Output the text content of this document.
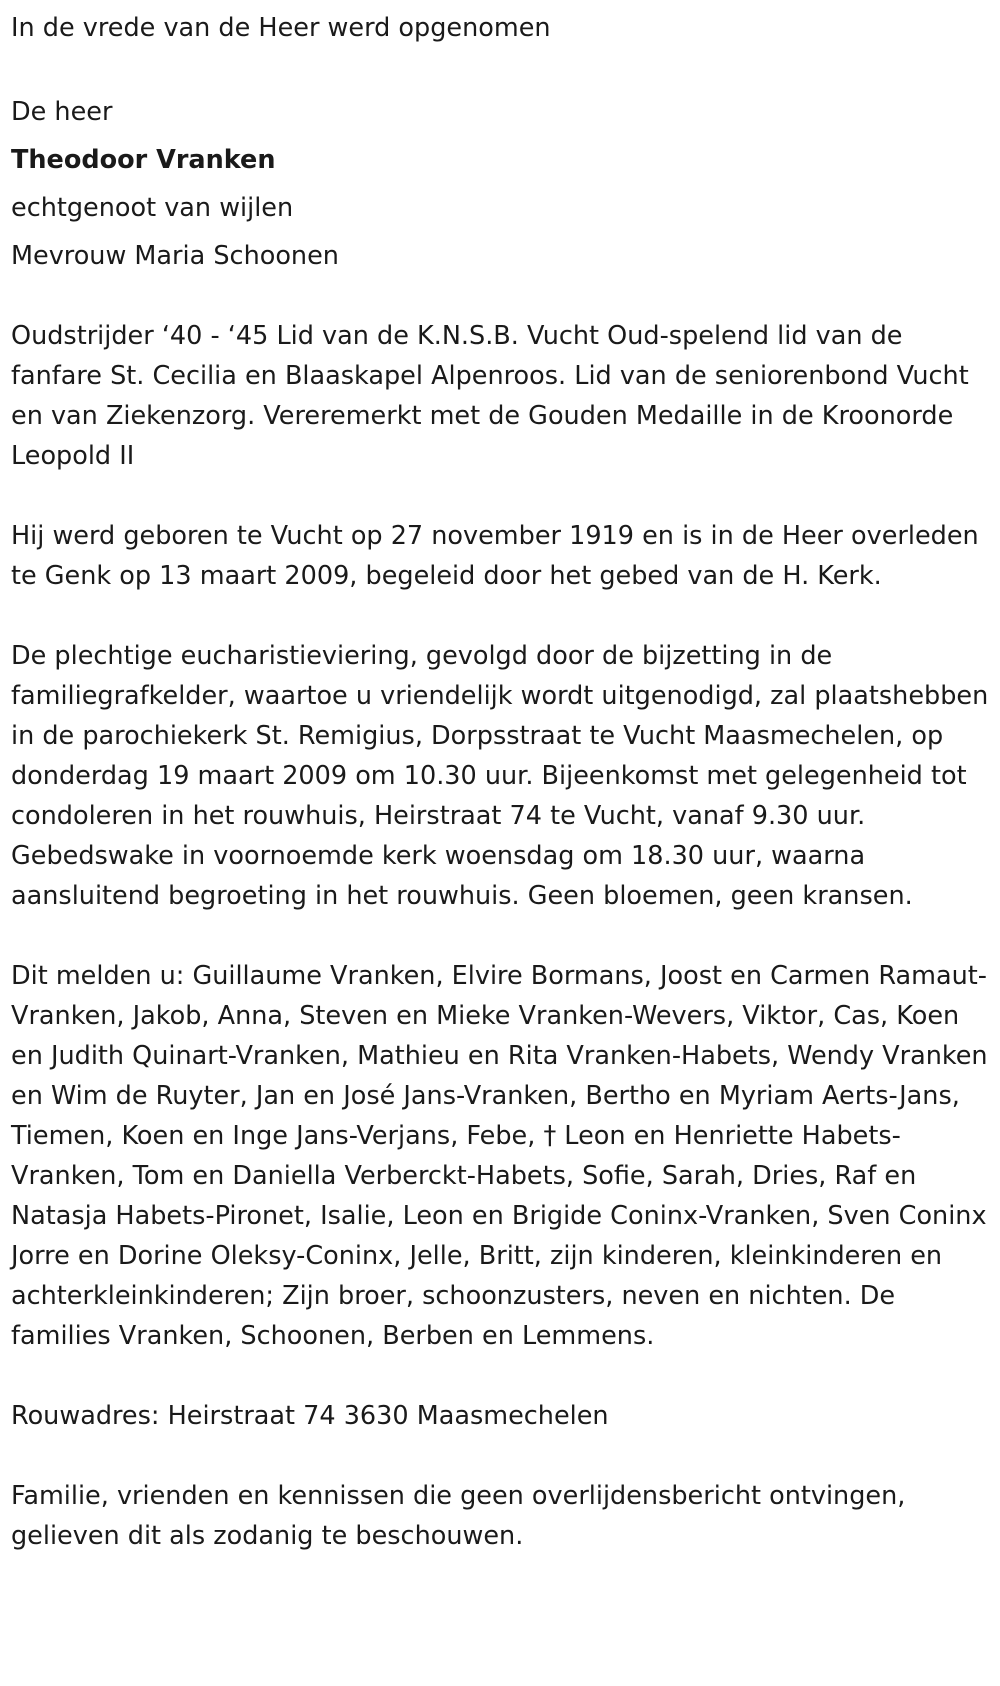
In de vrede van de Heer werd opgenomen

De heer

Theodoor Vranken

echtgenoot van wijlen

Mevrouw Maria Schoonen

Oudstrijder ‘40 - ‘45 Lid van de K.N.S.B. Vucht Oud-spelend lid van de fanfare St. Cecilia en Blaaskapel Alpenroos. Lid van de seniorenbond Vucht en van Ziekenzorg. Vereremerkt met de Gouden Medaille in de Kroonorde Leopold II

Hij werd geboren te Vucht op 27 november 1919 en is in de Heer overleden te Genk op 13 maart 2009, begeleid door het gebed van de H. Kerk.

De plechtige eucharistieviering, gevolgd door de bijzetting in de familiegrafkelder, waartoe u vriendelijk wordt uitgenodigd, zal plaatshebben in de parochiekerk St. Remigius, Dorpsstraat te Vucht Maasmechelen, op donderdag 19 maart 2009 om 10.30 uur. Bijeenkomst met gelegenheid tot condoleren in het rouwhuis, Heirstraat 74 te Vucht, vanaf 9.30 uur. Gebedswake in voornoemde kerk woensdag om 18.30 uur, waarna aansluitend begroeting in het rouwhuis. Geen bloemen, geen kransen.

Dit melden u: Guillaume Vranken, Elvire Bormans, Joost en Carmen Ramaut-Vranken, Jakob, Anna, Steven en Mieke Vranken-Wevers, Viktor, Cas, Koen en Judith Quinart-Vranken, Mathieu en Rita Vranken-Habets, Wendy Vranken en Wim de Ruyter, Jan en José Jans-Vranken, Bertho en Myriam Aerts-Jans, Tiemen, Koen en Inge Jans-Verjans, Febe, † Leon en Henriette Habets-Vranken, Tom en Daniella Verberckt-Habets, Sofie, Sarah, Dries, Raf en Natasja Habets-Pironet, Isalie, Leon en Brigide Coninx-Vranken, Sven Coninx Jorre en Dorine Oleksy-Coninx, Jelle, Britt, zijn kinderen, kleinkinderen en achterkleinkinderen; Zijn broer, schoonzusters, neven en nichten. De families Vranken, Schoonen, Berben en Lemmens.

Rouwadres: Heirstraat 74 3630 Maasmechelen

Familie, vrienden en kennissen die geen overlijdensbericht ontvingen, gelieven dit als zodanig te beschouwen.
